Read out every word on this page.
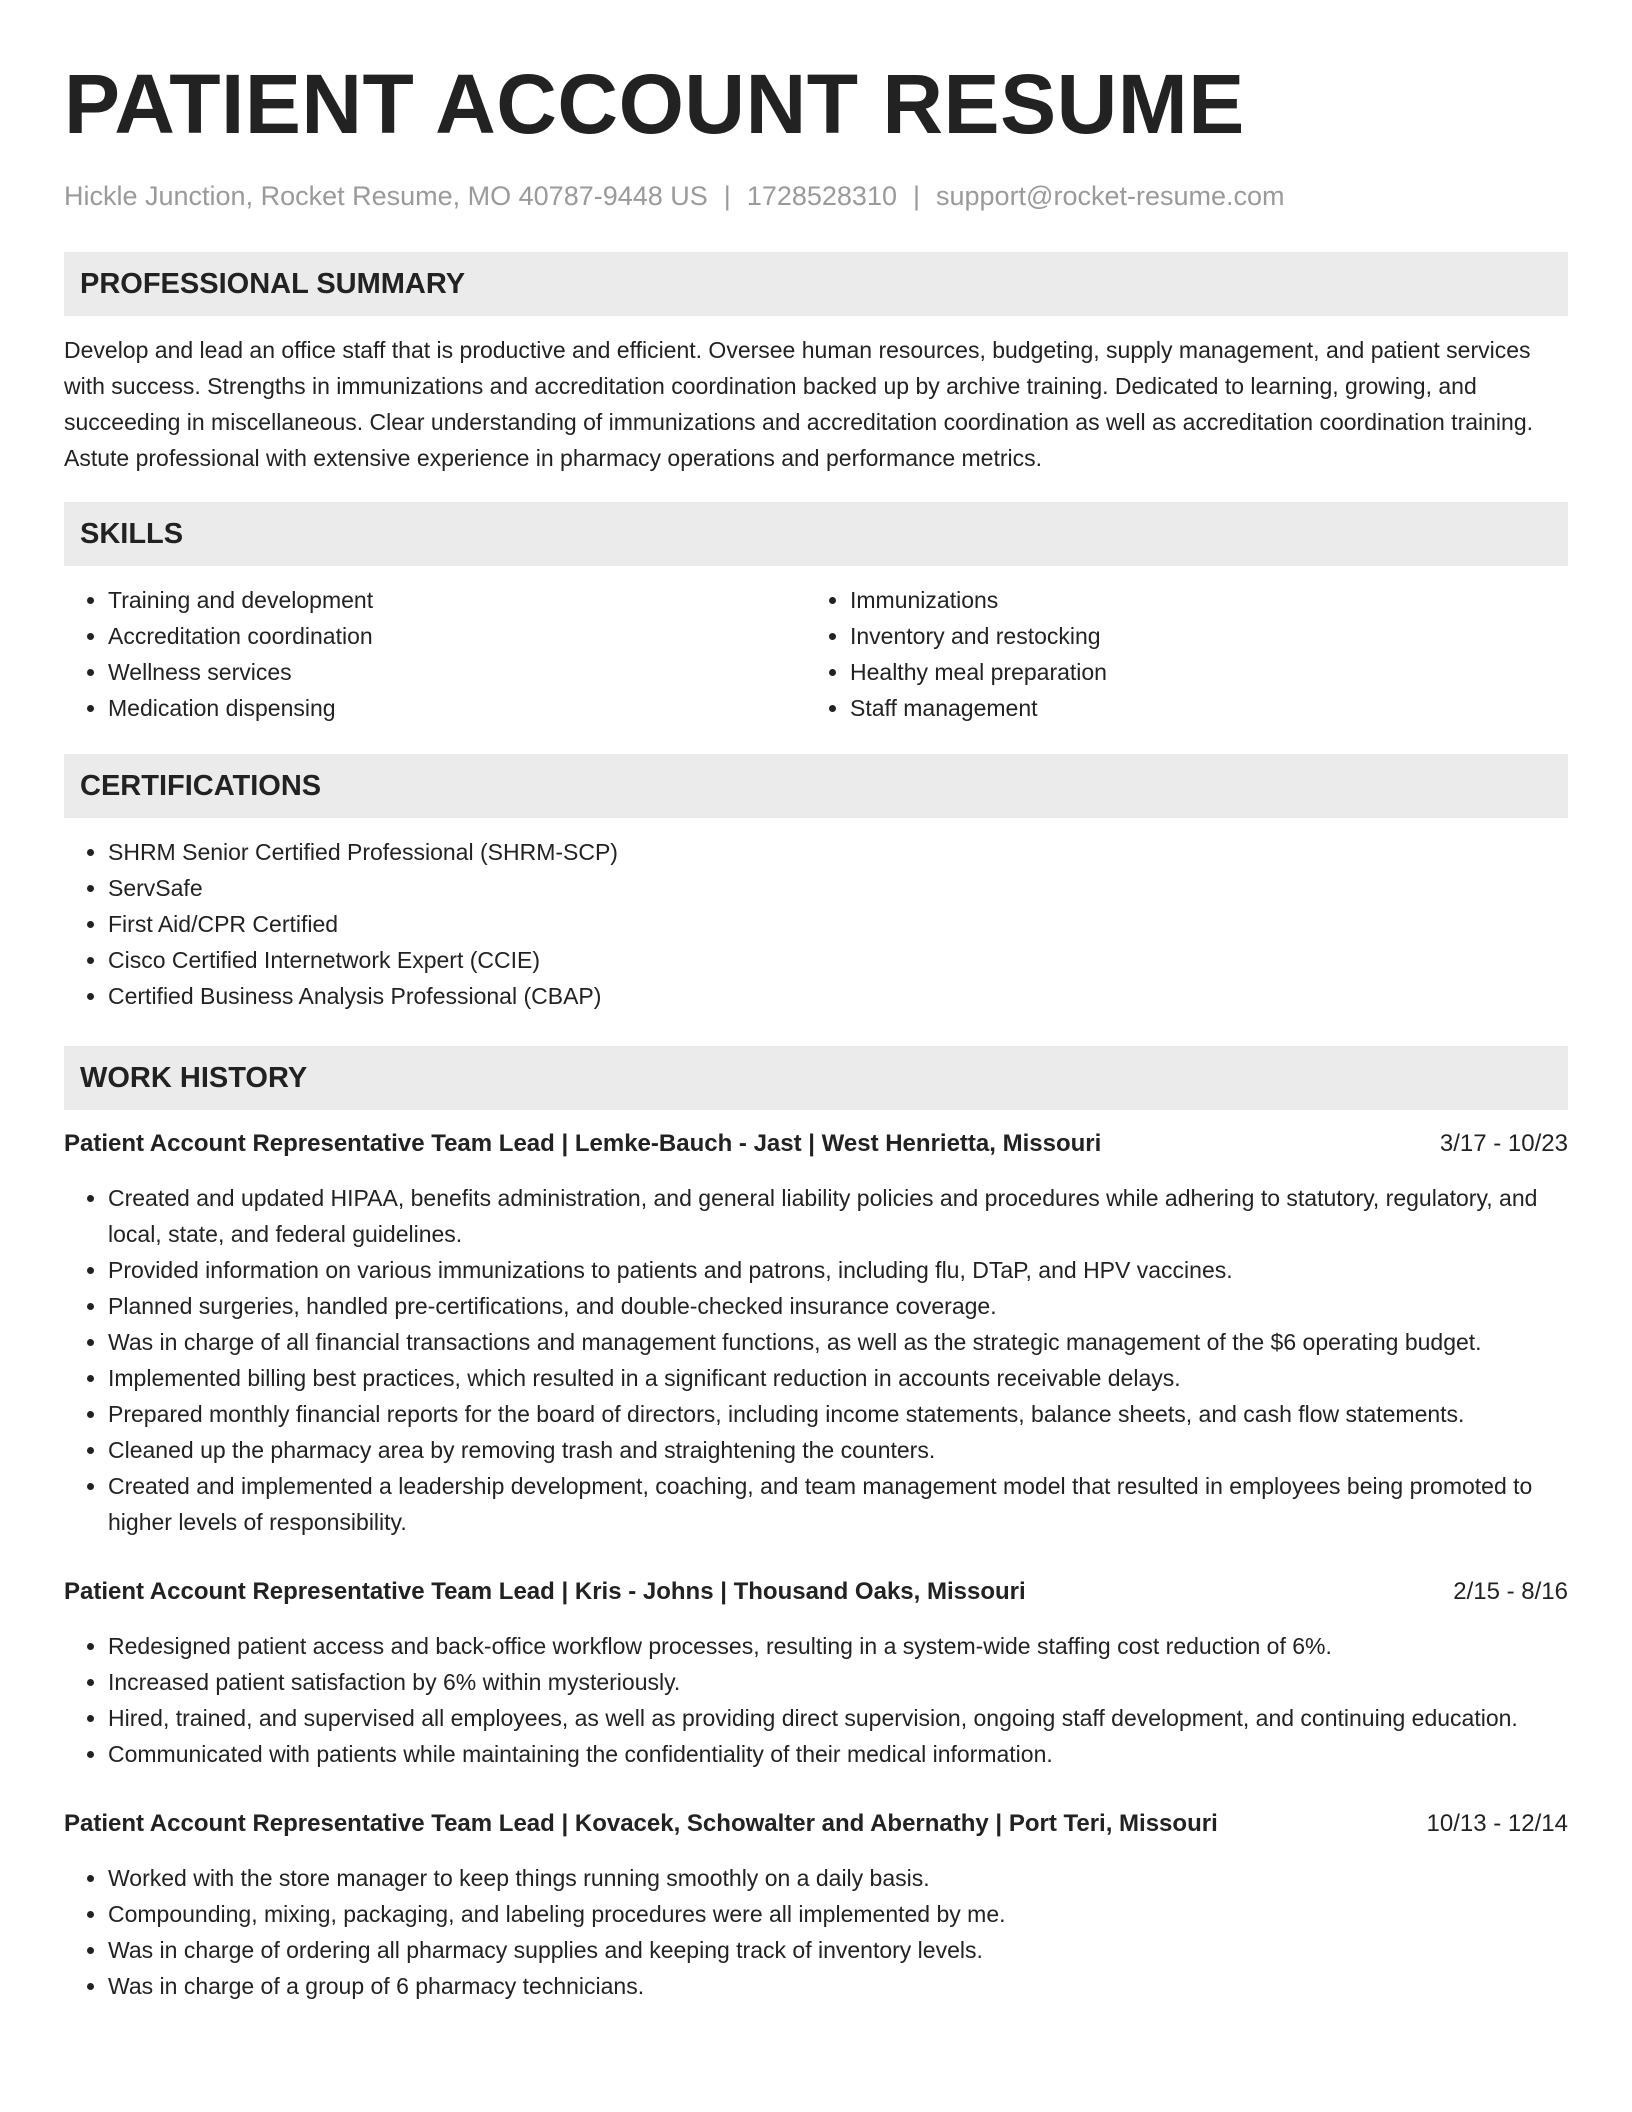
PATIENT ACCOUNT RESUME
Hickle Junction, Rocket Resume, MO 40787-9448 US | 1728528310 | support@rocket-resume.com
PROFESSIONAL SUMMARY

Develop and lead an office staff that is productive and efficient. Oversee human resources, budgeting, supply management, and patient services with success. Strengths in immunizations and accreditation coordination backed up by archive training. Dedicated to learning, growing, and succeeding in miscellaneous. Clear understanding of immunizations and accreditation coordination as well as accreditation coordination training. Astute professional with extensive experience in pharmacy operations and performance metrics.

SKILLS
• Training and development
• Accreditation coordination
• Wellness services
• Medication dispensing
• Immunizations
• Inventory and restocking
• Healthy meal preparation
• Staff management
CERTIFICATIONS
• SHRM Senior Certified Professional (SHRM-SCP)
• ServSafe
• First Aid/CPR Certified
• Cisco Certified Internetwork Expert (CCIE)
• Certified Business Analysis Professional (CBAP)
WORK HISTORY
Patient Account Representative Team Lead | Lemke-Bauch - Jast | West Henrietta, Missouri	3/17 - 10/23
• Created and updated HIPAA, benefits administration, and general liability policies and procedures while adhering to statutory, regulatory, and local, state, and federal guidelines.
• Provided information on various immunizations to patients and patrons, including flu, DTaP, and HPV vaccines.
• Planned surgeries, handled pre-certifications, and double-checked insurance coverage.
• Was in charge of all financial transactions and management functions, as well as the strategic management of the $6 operating budget.
• Implemented billing best practices, which resulted in a significant reduction in accounts receivable delays.
• Prepared monthly financial reports for the board of directors, including income statements, balance sheets, and cash flow statements.
• Cleaned up the pharmacy area by removing trash and straightening the counters.
• Created and implemented a leadership development, coaching, and team management model that resulted in employees being promoted to higher levels of responsibility.
Patient Account Representative Team Lead | Kris - Johns | Thousand Oaks, Missouri	2/15 - 8/16
• Redesigned patient access and back-office workflow processes, resulting in a system-wide staffing cost reduction of 6%.
• Increased patient satisfaction by 6% within mysteriously.
• Hired, trained, and supervised all employees, as well as providing direct supervision, ongoing staff development, and continuing education.
• Communicated with patients while maintaining the confidentiality of their medical information.
Patient Account Representative Team Lead | Kovacek, Schowalter and Abernathy | Port Teri, Missouri	10/13 - 12/14
• Worked with the store manager to keep things running smoothly on a daily basis.
• Compounding, mixing, packaging, and labeling procedures were all implemented by me.
• Was in charge of ordering all pharmacy supplies and keeping track of inventory levels.
• Was in charge of a group of 6 pharmacy technicians.
